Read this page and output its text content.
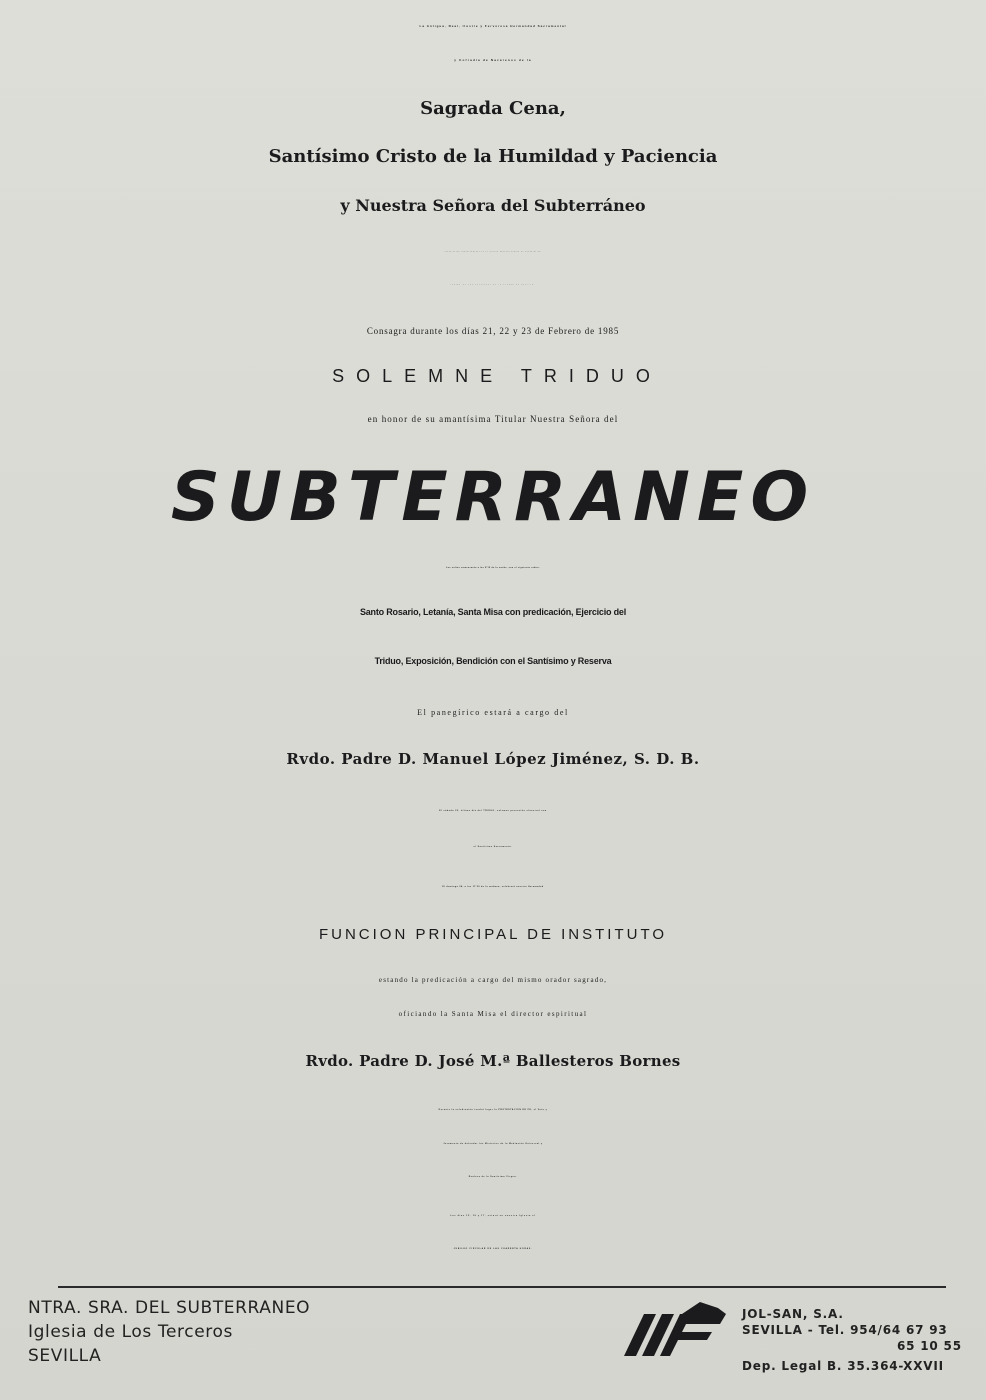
La Antigua, Real, Ilustre y Fervorosa Hermandad Sacramental
y Cofradía de Nazarenos de la
Sagrada Cena,
Santísimo Cristo de la Humildad y Paciencia
y Nuestra Señora del Subterráneo
establecida canónicamente en la Iglesia Nuestra Señora de Consolación
(vulgo de Los Terceros) de la ciudad de Sevilla.
Consagra durante los días 21, 22 y 23 de Febrero de 1985
SOLEMNE TRIDUO
en honor de su amantísima Titular Nuestra Señora del
SUBTERRANEO
Los cultos comenzarán a las 8'15 de la noche, con el siguiente orden:
Santo Rosario, Letanía, Santa Misa con predicación, Ejercicio del
Triduo, Exposición, Bendición con el Santísimo y Reserva
El panegírico estará a cargo del
Rvdo. Padre D. Manuel López Jiménez, S. D. B.
El sábado 23, último día del TRIDUO, solemne procesión claustral con
el Santísimo Sacramento.
El domingo 24, a las 11'30 de la mañana, celebrará nuestra Hermandad
FUNCION PRINCIPAL DE INSTITUTO
estando la predicación a cargo del mismo orador sagrado,
oficiando la Santa Misa el director espiritual
Rvdo. Padre D. José M.ª Ballesteros Bornes
Durante la celebración tendrá lugar la PROTESTACION DE FE, el Voto y
Juramento de defender los Misterios de la Mediación Universal y
Realeza de la Santísima Virgen.
Los días 15, 16 y 17, estará en nuestra Iglesia el
JUBILEO CIRCULAR DE LAS CUARENTA HORAS.
NTRA. SRA. DEL SUBTERRANEO
Iglesia de Los Terceros
SEVILLA
JOL-SAN, S.A.
SEVILLA - Tel. 954/64 67 93
65 10 55
Dep. Legal B. 35.364-XXVII
